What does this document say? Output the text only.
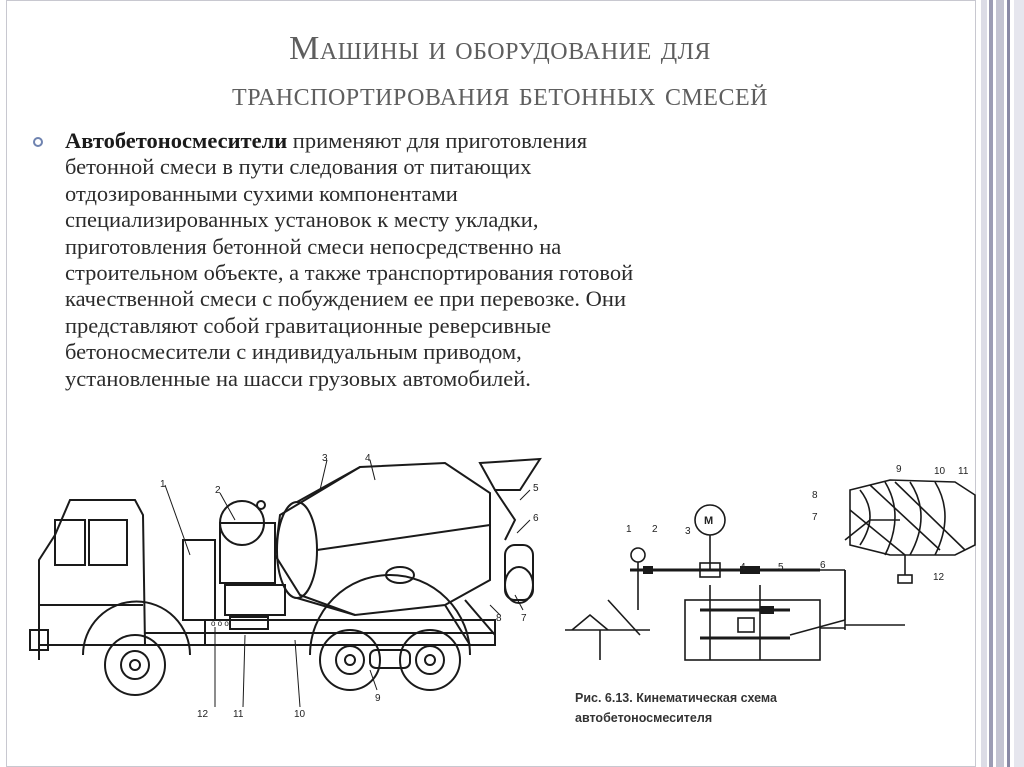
Машины и оборудование для
транспортирования бетонных смесей
Автобетоносмесители применяют для приготовления
бетонной смеси в пути следования от питающих
отдозированными сухими компонентами
специализированных установок к месту укладки,
приготовления бетонной смеси непосредственно на
строительном объекте, а также транспортирования готовой
качественной смеси с побуждением ее при перевозке. Они
представляют собой гравитационные реверсивные
бетоносмесители с индивидуальным приводом,
установленные на шасси грузовых автомобилей.
o o o
1
2
3	4
5
6
7
8
9
10
11
12
М
1 2	3
4	5	6
7
8
9	10 11
12
Рис. 6.13. Кинематическая схема
автобетоносмесителя
